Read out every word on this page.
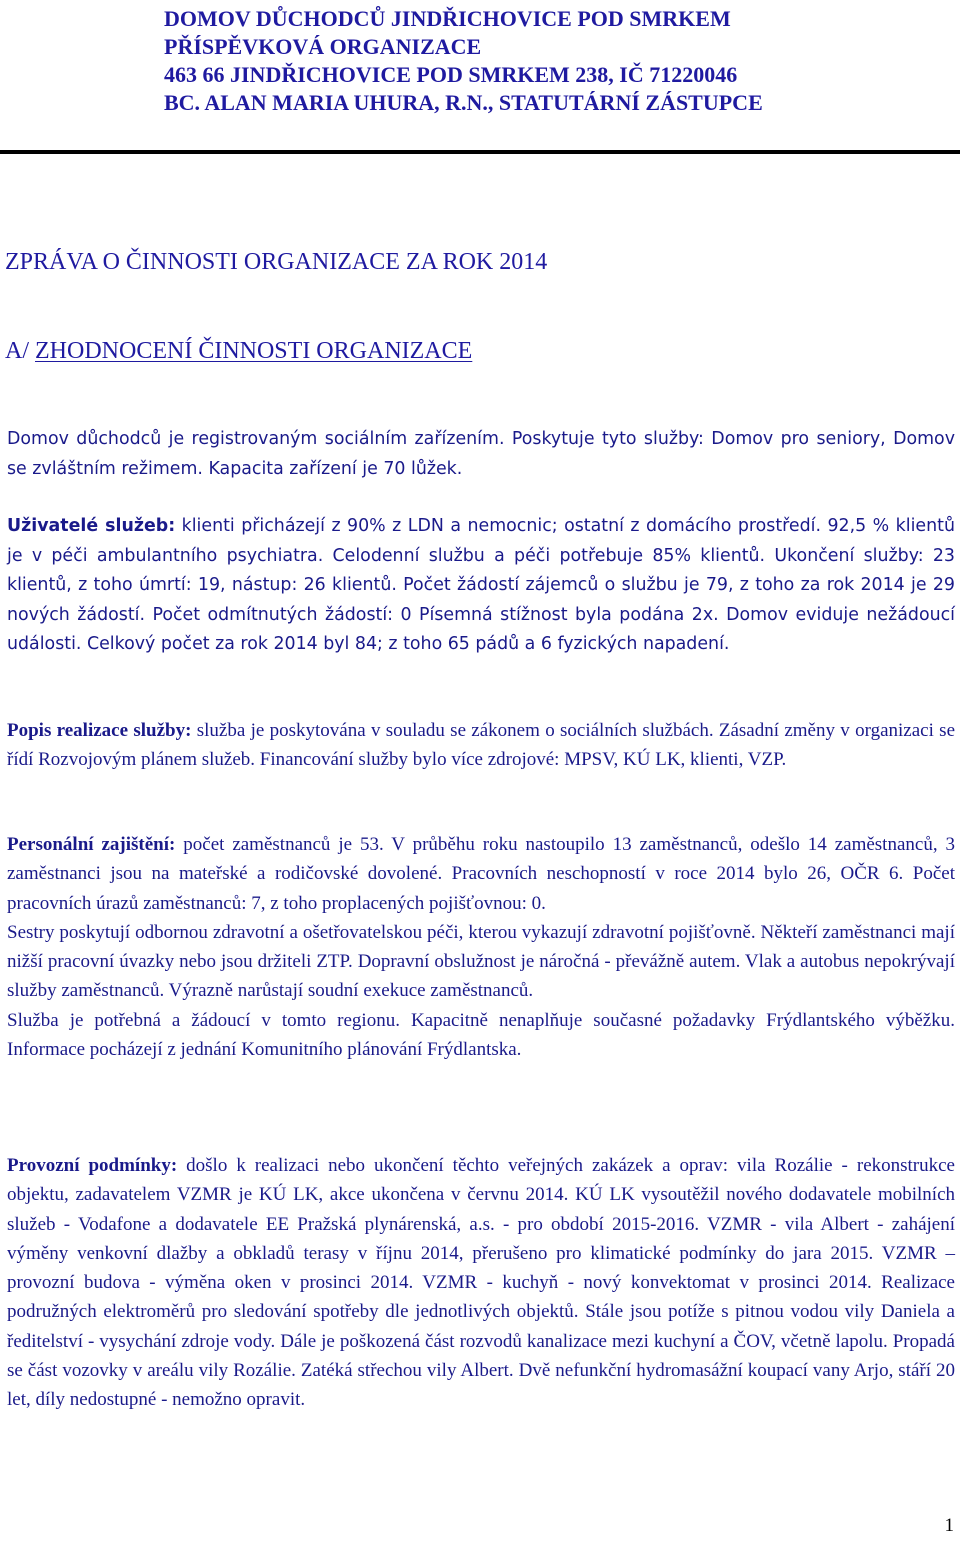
DOMOV DŮCHODCŮ JINDŘICHOVICE POD SMRKEM
PŘÍSPĚVKOVÁ ORGANIZACE
463 66 JINDŘICHOVICE POD SMRKEM 238, IČ 71220046
BC. ALAN MARIA UHURA, R.N., STATUTÁRNÍ ZÁSTUPCE
ZPRÁVA O ČINNOSTI ORGANIZACE ZA ROK 2014
A/ ZHODNOCENÍ ČINNOSTI ORGANIZACE

Domov důchodců je registrovaným sociálním zařízením. Poskytuje tyto služby: Domov pro seniory, Domov se zvláštním režimem. Kapacita zařízení je 70 lůžek.

Uživatelé služeb: klienti přicházejí z 90% z LDN a nemocnic; ostatní z domácího prostředí. 92,5 % klientů je v péči ambulantního psychiatra. Celodenní službu a péči potřebuje 85% klientů. Ukončení služby: 23 klientů, z toho úmrtí: 19, nástup: 26 klientů. Počet žádostí zájemců o službu je 79, z toho za rok 2014 je 29 nových žádostí. Počet odmítnutých žádostí: 0 Písemná stížnost byla podána 2x. Domov eviduje nežádoucí události. Celkový počet za rok 2014 byl 84; z toho 65 pádů a 6 fyzických napadení.

Popis realizace služby: služba je poskytována v souladu se zákonem o sociálních službách. Zásadní změny v organizaci se řídí Rozvojovým plánem služeb. Financování služby bylo více zdrojové: MPSV, KÚ LK, klienti, VZP.

Personální zajištění: počet zaměstnanců je 53. V průběhu roku nastoupilo 13 zaměstnanců, odešlo 14 zaměstnanců, 3 zaměstnanci jsou na mateřské a rodičovské dovolené. Pracovních neschopností v roce 2014 bylo 26, OČR 6. Počet pracovních úrazů zaměstnanců: 7, z toho proplacených pojišťovnou: 0.

Sestry poskytují odbornou zdravotní a ošetřovatelskou péči, kterou vykazují zdravotní pojišťovně. Někteří zaměstnanci mají nižší pracovní úvazky nebo jsou držiteli ZTP. Dopravní obslužnost je náročná - převážně autem. Vlak a autobus nepokrývají služby zaměstnanců. Výrazně narůstají soudní exekuce zaměstnanců.

Služba je potřebná a žádoucí v tomto regionu. Kapacitně nenaplňuje současné požadavky Frýdlantského výběžku. Informace pocházejí z jednání Komunitního plánování Frýdlantska.

Provozní podmínky: došlo k realizaci nebo ukončení těchto veřejných zakázek a oprav: vila Rozálie - rekonstrukce objektu, zadavatelem VZMR je KÚ LK, akce ukončena v červnu 2014. KÚ LK vysoutěžil nového dodavatele mobilních služeb - Vodafone a dodavatele EE Pražská plynárenská, a.s. - pro období 2015-2016. VZMR - vila Albert - zahájení výměny venkovní dlažby a obkladů terasy v říjnu 2014, přerušeno pro klimatické podmínky do jara 2015. VZMR – provozní budova - výměna oken v prosinci 2014. VZMR - kuchyň - nový konvektomat v prosinci 2014. Realizace podružných elektroměrů pro sledování spotřeby dle jednotlivých objektů. Stále jsou potíže s pitnou vodou vily Daniela a ředitelství - vysychání zdroje vody. Dále je poškozená část rozvodů kanalizace mezi kuchyní a ČOV, včetně lapolu. Propadá se část vozovky v areálu vily Rozálie. Zatéká střechou vily Albert. Dvě nefunkční hydromasážní koupací vany Arjo, stáří 20 let, díly nedostupné - nemožno opravit.

1
